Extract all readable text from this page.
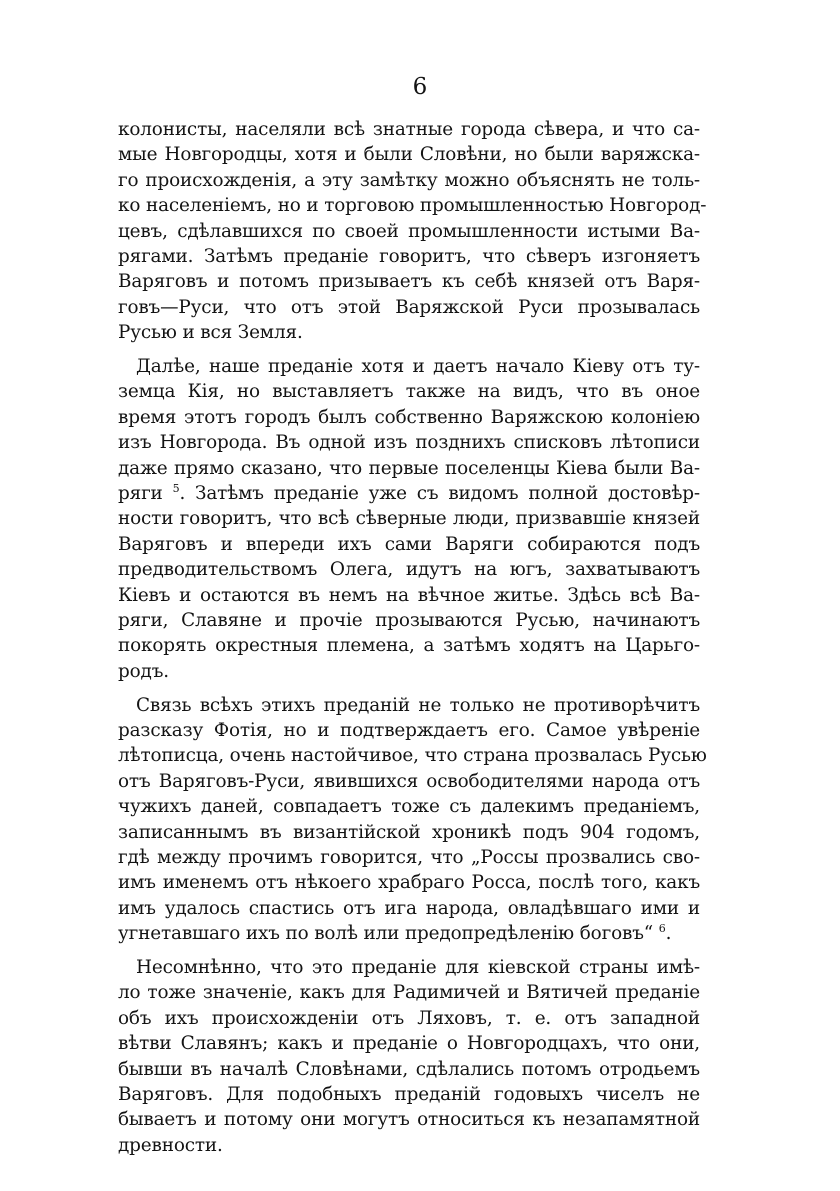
6
колонисты, населяли всѣ знатные города сѣвера, и что са-
мые Новгородцы, хотя и были Словѣни, но были варяжска-
го происхожденія, а эту замѣтку можно объяснять не толь-
ко населеніемъ, но и торговою промышленностью Новгород-
цевъ, сдѣлавшихся по своей промышленности истыми Ва-
рягами. Затѣмъ преданіе говоритъ, что сѣверъ изгоняетъ
Варяговъ и потомъ призываетъ къ себѣ князей отъ Варя-
говъ—Руси, что отъ этой Варяжской Руси прозывалась
Русью и вся Земля.
Далѣе, наше преданіе хотя и даетъ начало Кіеву отъ ту-
земца Кія, но выставляетъ также на видъ, что въ оное
время этотъ городъ былъ собственно Варяжскою колоніею
изъ Новгорода. Въ одной изъ позднихъ списковъ лѣтописи
даже прямо сказано, что первые поселенцы Кіева были Ва-
ряги $^5$. Затѣмъ преданіе уже съ видомъ полной достовѣр-
ности говоритъ, что всѣ сѣверные люди, призвавшіе князей
Варяговъ и впереди ихъ сами Варяги собираются подъ
предводительствомъ Олега, идутъ на югъ, захватываютъ
Кіевъ и остаются въ немъ на вѣчное житье. Здѣсь всѣ Ва-
ряги, Славяне и прочіе прозываются Русью, начинаютъ
покорять окрестныя племена, а затѣмъ ходятъ на Царьго-
родъ.
Связь всѣхъ этихъ преданій не только не противорѣчитъ
разсказу Фотія, но и подтверждаетъ его. Самое увѣреніе
лѣтописца, очень настойчивое, что страна прозвалась Русью
отъ Варяговъ-Руси, явившихся освободителями народа отъ
чужихъ даней, совпадаетъ тоже съ далекимъ преданіемъ,
записаннымъ въ византійской хроникѣ подъ 904 годомъ,
гдѣ между прочимъ говорится, что „Россы прозвались сво-
имъ именемъ отъ нѣкоего храбраго Росса, послѣ того, какъ
имъ удалось спастись отъ ига народа, овладѣвшаго ими и
угнетавшаго ихъ по волѣ или предопредѣленію боговъ“ $^6$.
Несомнѣнно, что это преданіе для кіевской страны имѣ-
ло тоже значеніе, какъ для Радимичей и Вятичей преданіе
объ ихъ происхожденіи отъ Ляховъ, т. е. отъ западной
вѣтви Славянъ; какъ и преданіе о Новгородцахъ, что они,
бывши въ началѣ Словѣнами, сдѣлались потомъ отродьемъ
Варяговъ. Для подобныхъ преданій годовыхъ чиселъ не
бываетъ и потому они могутъ относиться къ незапамятной
древности.
